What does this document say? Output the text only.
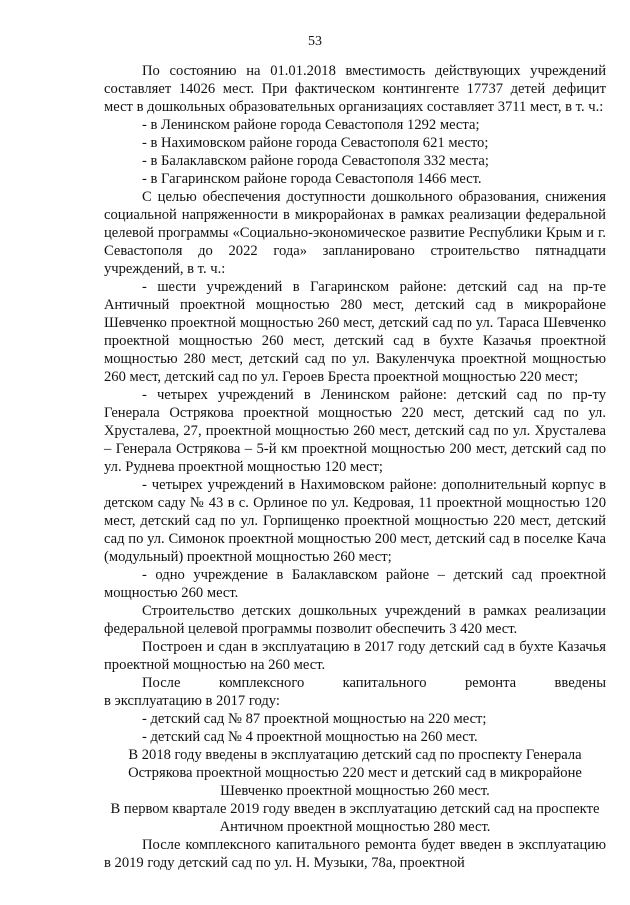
53

По состоянию на 01.01.2018 вместимость действующих учреждений составляет 14026 мест. При фактическом контингенте 17737 детей дефицит мест в дошкольных образовательных организациях составляет 3711 мест, в т. ч.:

- в Ленинском районе города Севастополя 1292 места;

- в Нахимовском районе города Севастополя 621 место;

- в Балаклавском районе города Севастополя 332 места;

- в Гагаринском районе города Севастополя 1466 мест.

С целью обеспечения доступности дошкольного образования, снижения социальной напряженности в микрорайонах в рамках реализации федеральной целевой программы «Социально-экономическое развитие Республики Крым и г. Севастополя до 2022 года» запланировано строительство пятнадцати учреждений, в т. ч.:

- шести учреждений в Гагаринском районе: детский сад на пр-те Античный проектной мощностью 280 мест, детский сад в микрорайоне Шевченко проектной мощностью 260 мест, детский сад по ул. Тараса Шевченко проектной мощностью 260 мест, детский сад в бухте Казачья проектной мощностью 280 мест, детский сад по ул. Вакуленчука проектной мощностью 260 мест, детский сад по ул. Героев Бреста проектной мощностью 220 мест;

- четырех учреждений в Ленинском районе: детский сад по пр-ту Генерала Острякова проектной мощностью 220 мест, детский сад по ул. Хрусталева, 27, проектной мощностью 260 мест, детский сад по ул. Хрусталева – Генерала Острякова – 5-й км проектной мощностью 200 мест, детский сад по ул. Руднева проектной мощностью 120 мест;

- четырех учреждений в Нахимовском районе: дополнительный корпус в детском саду № 43 в с. Орлиное по ул. Кедровая, 11 проектной мощностью 120 мест, детский сад по ул. Горпищенко проектной мощностью 220 мест, детский сад по ул. Симонок проектной мощностью 200 мест, детский сад в поселке Кача (модульный) проектной мощностью 260 мест;

- одно учреждение в Балаклавском районе – детский сад проектной мощностью 260 мест.

Строительство детских дошкольных учреждений в рамках реализации федеральной целевой программы позволит обеспечить 3 420 мест.

Построен и сдан в эксплуатацию в 2017 году детский сад в бухте Казачья проектной мощностью на 260 мест.

После комплексного капитального ремонта введены

в эксплуатацию в 2017 году:

- детский сад № 87 проектной мощностью на 220 мест;

- детский сад № 4 проектной мощностью на 260 мест.

В 2018 году введены в эксплуатацию детский сад по проспекту Генерала Острякова проектной мощностью 220 мест и детский сад в микрорайоне Шевченко проектной мощностью 260 мест.

В первом квартале 2019 году введен в эксплуатацию детский сад на проспекте Античном проектной мощностью 280 мест.

После комплексного капитального ремонта будет введен в эксплуатацию в 2019 году детский сад по ул. Н. Музыки, 78а, проектной
